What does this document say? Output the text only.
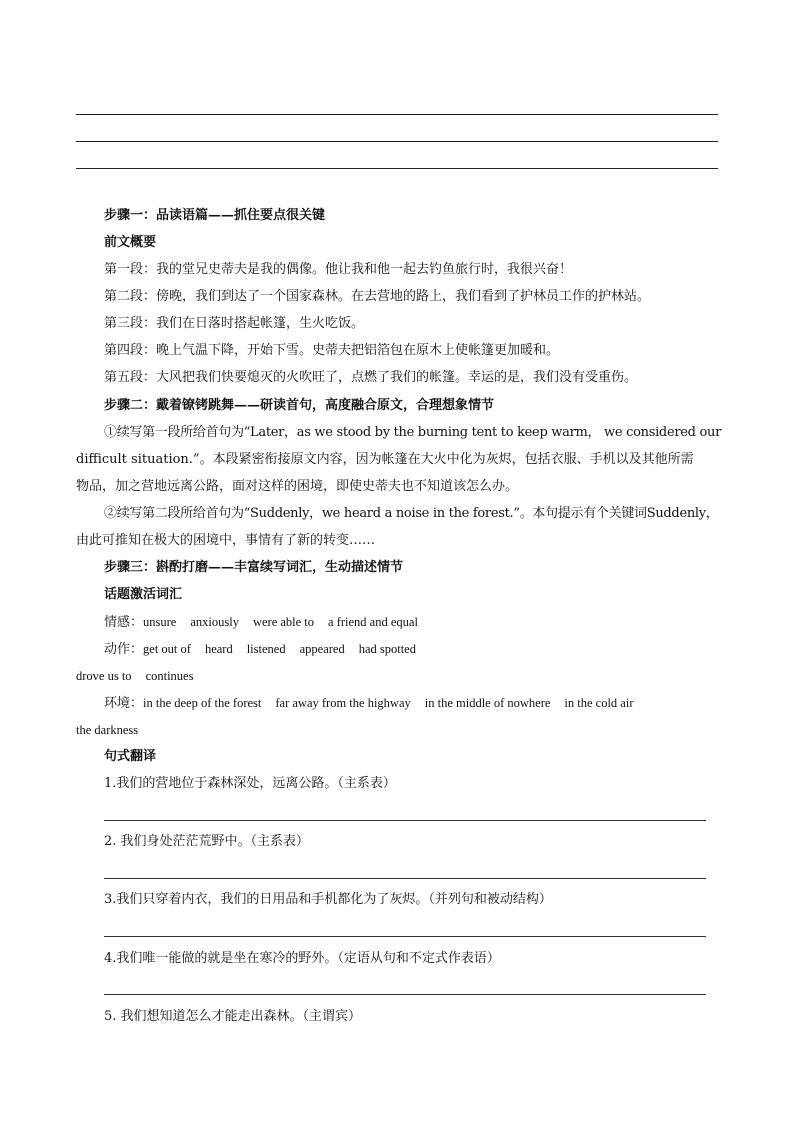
步骤一：品读语篇——抓住要点很关键
前文概要
第一段：我的堂兄史蒂夫是我的偶像。他让我和他一起去钓鱼旅行时，我很兴奋！
第二段：傍晚，我们到达了一个国家森林。在去营地的路上，我们看到了护林员工作的护林站。
第三段：我们在日落时搭起帐篷，生火吃饭。
第四段：晚上气温下降，开始下雪。史蒂夫把铝箔包在原木上使帐篷更加暖和。
第五段：大风把我们快要熄灭的火吹旺了，点燃了我们的帐篷。幸运的是，我们没有受重伤。
步骤二：戴着镣铐跳舞——研读首句，高度融合原文，合理想象情节
①续写第一段所给首句为“Later，as we stood by the burning tent to keep warm， we considered our
difficult situation.”。本段紧密衔接原文内容，因为帐篷在大火中化为灰烬，包括衣服、手机以及其他所需
物品，加之营地远离公路，面对这样的困境，即使史蒂夫也不知道该怎么办。
②续写第二段所给首句为“Suddenly，we heard a noise in the forest.”。本句提示有个关键词Suddenly，
由此可推知在极大的困境中，事情有了新的转变……
步骤三：斟酌打磨——丰富续写词汇，生动描述情节
话题激活词汇
情感：unsure anxiously were able to a friend and equal
动作：get out of heard listened appeared had spotted
drove us to continues
环境：in the deep of the forest far away from the highway in the middle of nowhere in the cold air
the darkness
句式翻译
1.我们的营地位于森林深处，远离公路。（主系表）
2. 我们身处茫茫荒野中。（主系表）
3.我们只穿着内衣，我们的日用品和手机都化为了灰烬。（并列句和被动结构）
4.我们唯一能做的就是坐在寒冷的野外。（定语从句和不定式作表语）
5. 我们想知道怎么才能走出森林。（主谓宾）
